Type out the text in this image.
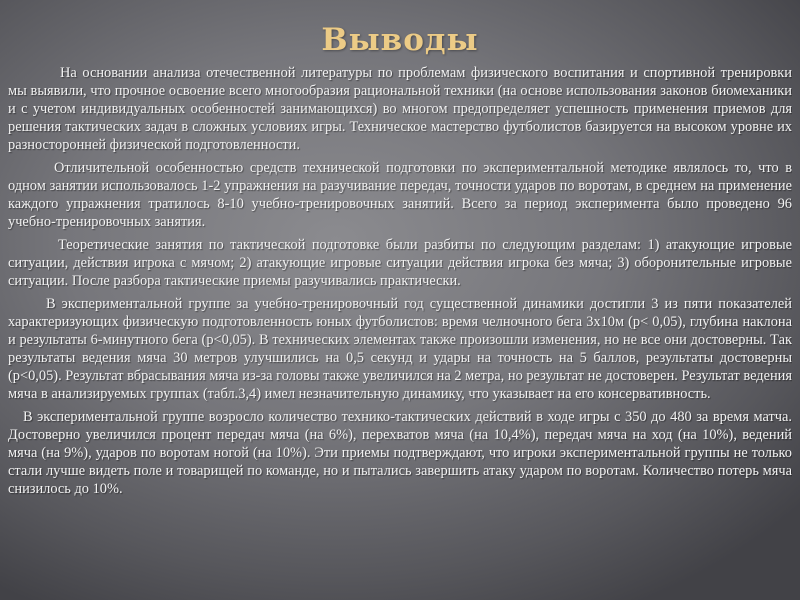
Выводы

На основании анализа отечественной литературы по проблемам физического воспитания и спортивной тренировки мы выявили, что прочное освоение всего многообразия рациональной техники (на основе использования законов биомеханики и с учетом индивидуальных особенностей занимающихся) во многом предопределяет успешность применения приемов для решения тактических задач в сложных условиях игры. Техническое мастерство футболистов базируется на высоком уровне их разносторонней физической подготовленности.

Отличительной особенностью средств технической подготовки по экспериментальной методике являлось то, что в одном занятии использовалось 1-2 упражнения на разучивание передач, точности ударов по воротам, в среднем на применение каждого упражнения тратилось 8-10 учебно-тренировочных занятий. Всего за период эксперимента было проведено 96 учебно-тренировочных занятия.

Теоретические занятия по тактической подготовке были разбиты по следующим разделам: 1) атакующие игровые ситуации, действия игрока с мячом; 2) атакующие игровые ситуации действия игрока без мяча; 3) оборонительные игровые ситуации. После разбора тактические приемы разучивались практически.

В экспериментальной группе за учебно-тренировочный год существенной динамики достигли 3 из пяти показателей характеризующих физическую подготовленность юных футболистов: время челночного бега 3х10м (p< 0,05), глубина наклона и результаты 6-минутного бега (p<0,05). В технических элементах также произошли изменения, но не все они достоверны. Так результаты ведения мяча 30 метров улучшились на 0,5 секунд и удары на точность на 5 баллов, результаты достоверны (p<0,05). Результат вбрасывания мяча из-за головы также увеличился на 2 метра, но результат не достоверен. Результат ведения мяча в анализируемых группах (табл.3,4) имел незначительную динамику, что указывает на его консервативность.

В экспериментальной группе возросло количество технико-тактических действий в ходе игры с 350 до 480 за время матча. Достоверно увеличился процент передач мяча (на 6%), перехватов мяча (на 10,4%), передач мяча на ход (на 10%), ведений мяча (на 9%), ударов по воротам ногой (на 10%). Эти приемы подтверждают, что игроки экспериментальной группы не только стали лучше видеть поле и товарищей по команде, но и пытались завершить атаку ударом по воротам. Количество потерь мяча снизилось до 10%.
